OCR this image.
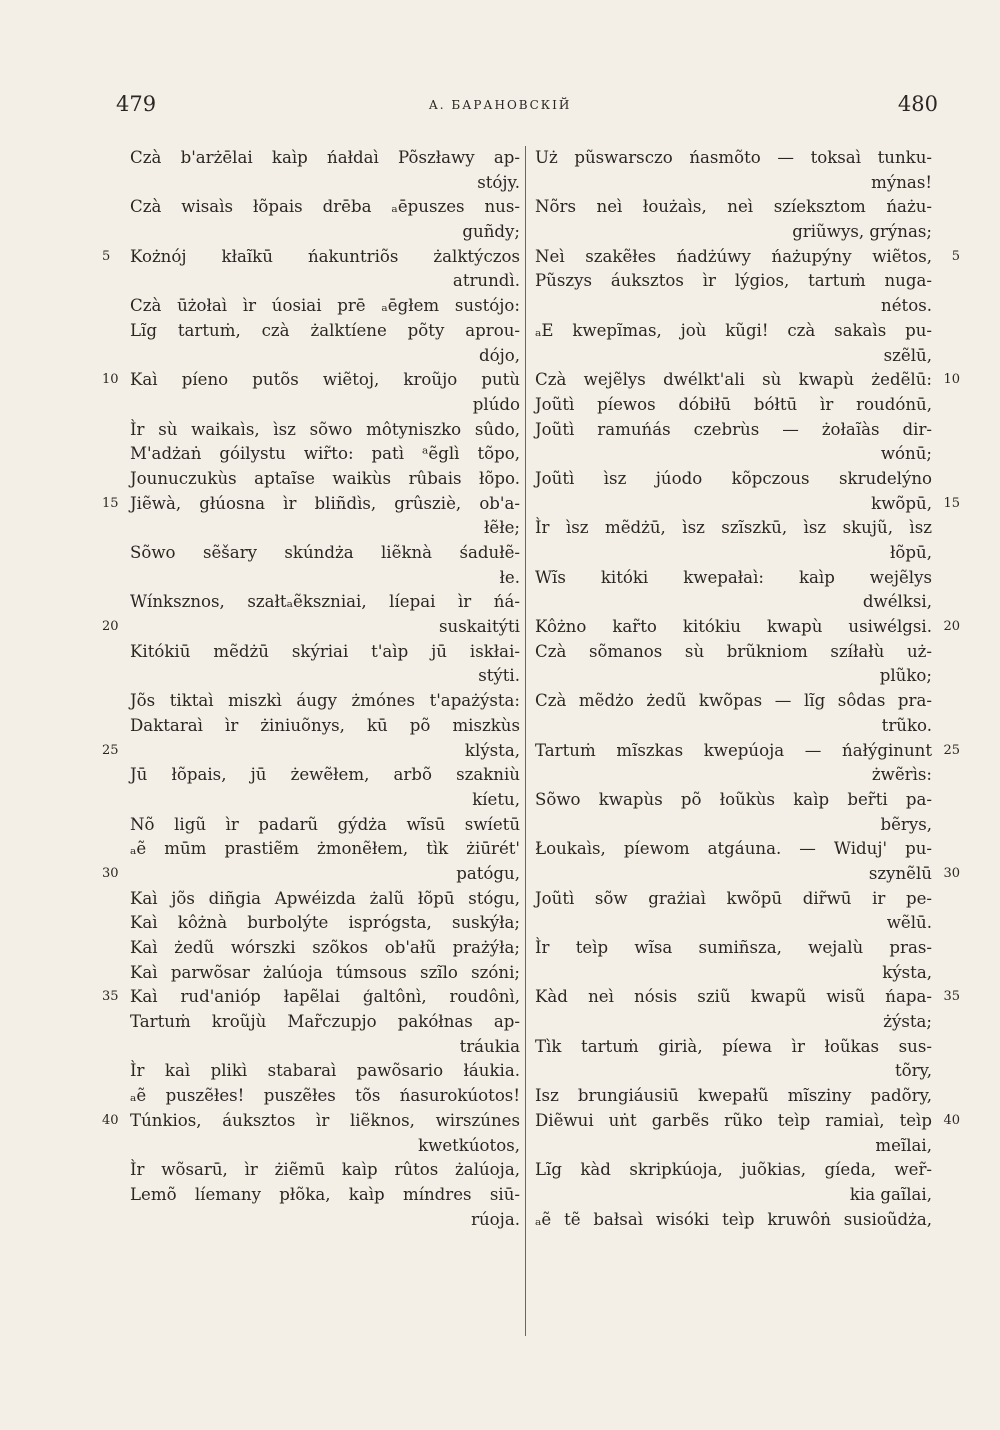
479	А. БАРАНОВСКІЙ	480
Czà b'arżēlai kaìp ńałdaì Põszławy ap-
stójy.
Czà wisaìs łõpais drēba ₐēpuszes nus-
guñdy;
Kożnój kłaĩkū ńakuntriõs żalktýczos
5
atrundì.
Czà ūżołaì ìr úosiai prē ₐēgłem sustójo:
Lĩg tartuṁ, czà żalktíene põty aprou-
dójo,
Kaì píeno putõs wiẽtoj, kroũjo putù
10
plúdo
Ìr sù waikaìs, ìsz sõwo môtyniszko sûdo,
M'adżaṅ góilystu wir̃to: patì ᵃẽglì tõpo,
Jounuczukùs aptaĩse waikùs rûbais łõpo.
Jiẽwà, głúosna ìr bliñdìs, grûsziè, ob'a-
15
łẽłe;
Sõwo sẽšary skúndża liẽknà śadułẽ-
łe.
Wínksznos, szałtₐẽkszniai, líepai ìr ńá-
suskaitýti
20
Kitókiū mẽdżū skýriai t'aìp jū iskłai-
stýti.
Jõs tiktaì miszkì áugy żmónes t'apażýsta:
Daktaraì ìr żiniuõnys, kū põ miszkùs
klýsta,
25
Jū łõpais, jū żewẽłem, arbõ szakniù
kíetu,
Nõ ligũ ìr padarũ gýdża wĩsū swíetū
ₐẽ mūm prastiẽm żmonẽłem, tìk żiūrét'
patógu,
30
Kaì jõs diñgia Apwéizda żalũ łõpū stógu,
Kaì kôżnà burbolýte isprógsta, suskýła;
Kaì żedũ wórszki szõkos ob'ałũ prażýła;
Kaì parwõsar żalúoja túmsous szĩlo szóni;
Kaì rud'anióp łapẽlai ģaltônì, roudônì,
35
Tartuṁ kroũjù Mar̃czupjo pakółnas ap-
tráukia
Ìr kaì plikì stabaraì pawõsario łáukia.
ₐẽ puszẽłes! puszẽłes tõs ńasurokúotos!
Túnkios, áuksztos ìr liẽknos, wirszúnes
40
kwetkúotos,
Ìr wõsarū, ìr żiẽmū kaìp rûtos żalúoja,
Lemõ líemany płõka, kaìp míndres siū-
rúoja.
Uż pũswarsczo ńasmõto — toksaì tunku-
mýnas!
Nõrs neì łoużaìs, neì szíeksztom ńażu-
griũwys, grýnas;
Neì szakẽłes ńadżúwy ńażupýny wiẽtos, 5
Pũszys áuksztos ìr lýgios, tartuṁ nuga-
nétos.
ₐE kwepĩmas, joù kũgi! czà sakaìs pu-
szẽlū,
Czà wejẽlys dwélkt'ali sù kwapù żedẽlū: 10
Joũtì píewos dóbiłū bółtū ìr roudónū,
Joũtì ramuńás czebrùs — żołaĩàs dir-
wónū;
Joũtì ìsz júodo kõpczous skrudelýno
kwõpū, 15
Ìr ìsz mẽdżū, ìsz szĩszkū, ìsz skujũ, ìsz
łõpū,
Wĩs kitóki kwepałaì: kaìp wejẽlys
dwélksi,
Kôżno kar̃to kitókiu kwapù usiwélgsi. 20
Czà sõmanos sù brũkniom szíłałù uż-
plũko;
Czà mẽdżo żedũ kwõpas — lĩg sôdas pra-
trũko.
Tartuṁ mĩszkas kwepúoja — ńałýginunt 25
żwẽrìs:
Sõwo kwapùs põ łoũkùs kaìp ber̃ti pa-
bẽrys,
Łoukaìs, píewom atgáuna. — Widuj' pu-
szynẽlū 30
Joũtì sõw grażiaì kwõpū dir̃wū ir pe-
wẽlū.
Ìr teìp wĩsa sumiñsza, wejalù pras-
kýsta,
Kàd neì nósis sziũ kwapũ wisũ ńapa- 35
żýsta;
Tìk tartuṁ girià, píewa ìr łoũkas sus-
tõry,
Isz brungiáusiū kwepałũ mĩsziny padõry,
Diẽwui uṅt garbẽs rũko teìp ramiaì, teìp 40
meĩlai,
Lĩg kàd skripkúoja, juõkias, gíeda, wer̃-
kia gaĩlai,
ₐẽ tẽ bałsaì wisóki teìp kruwôṅ susioũdża,
